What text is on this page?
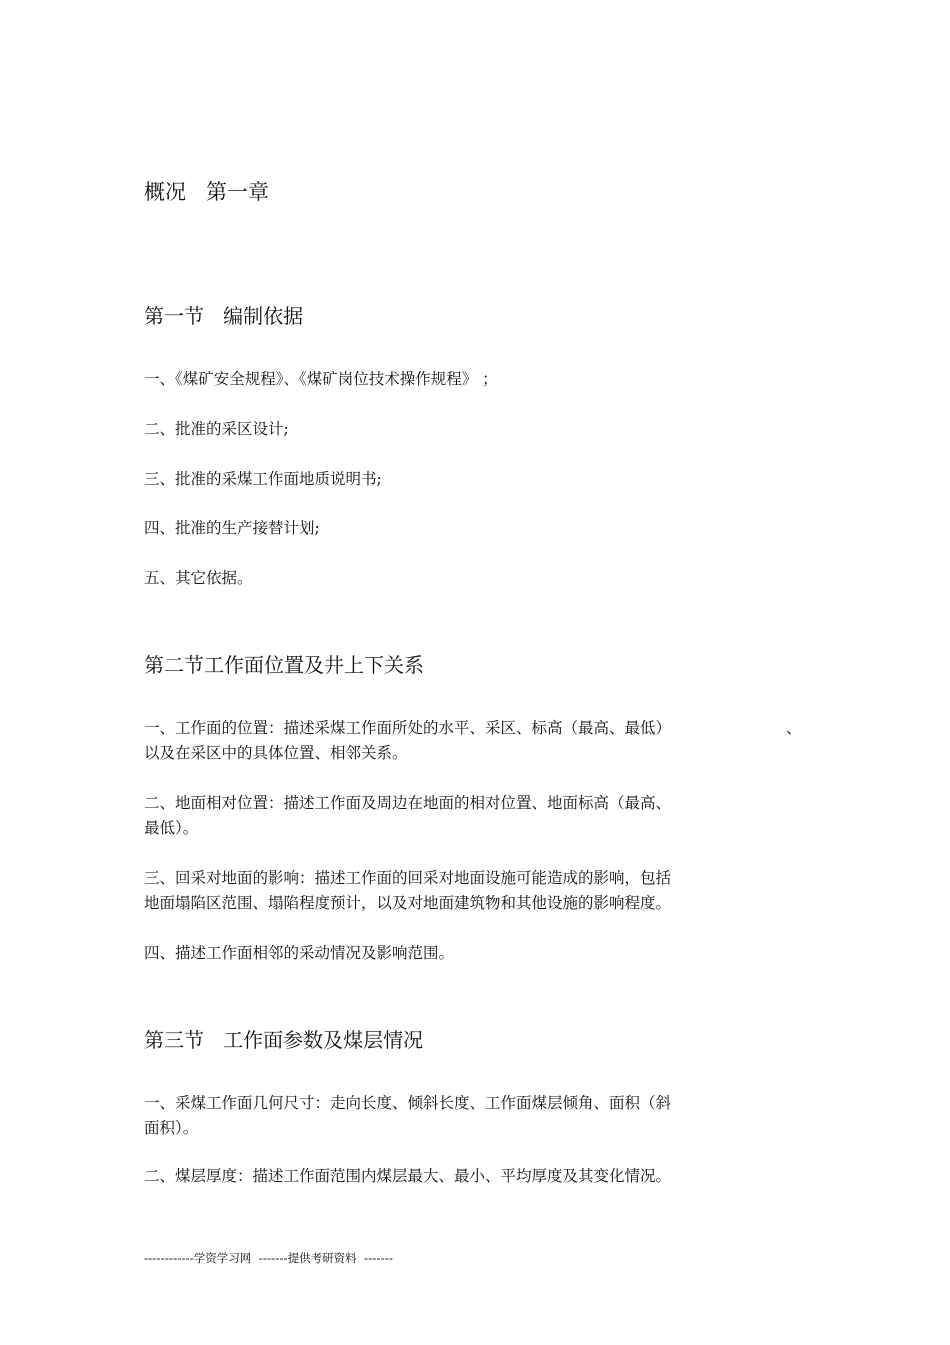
概况   第一章
第一节   编制依据

一、《煤矿安全规程》、《煤矿岗位技术操作规程》 ；

二、批准的采区设计;

三、批准的采煤工作面地质说明书;

四、批准的生产接替计划;

五、其它依据。

第二节工作面位置及井上下关系

一、工作面的位置：描述采煤工作面所处的水平、采区、标高（最高、最低）
以及在采区中的具体位置、相邻关系。

、

二、地面相对位置：描述工作面及周边在地面的相对位置、地面标高（最高、
最低）。

三、回采对地面的影响：描述工作面的回采对地面设施可能造成的影响，包括
地面塌陷区范围、塌陷程度预计，以及对地面建筑物和其他设施的影响程度。

四、描述工作面相邻的采动情况及影响范围。

第三节   工作面参数及煤层情况

一、采煤工作面几何尺寸：走向长度、倾斜长度、工作面煤层倾角、面积（斜
面积）。

二、煤层厚度：描述工作面范围内煤层最大、最小、平均厚度及其变化情况。

------------学资学习网  -------提供考研资料  -------
